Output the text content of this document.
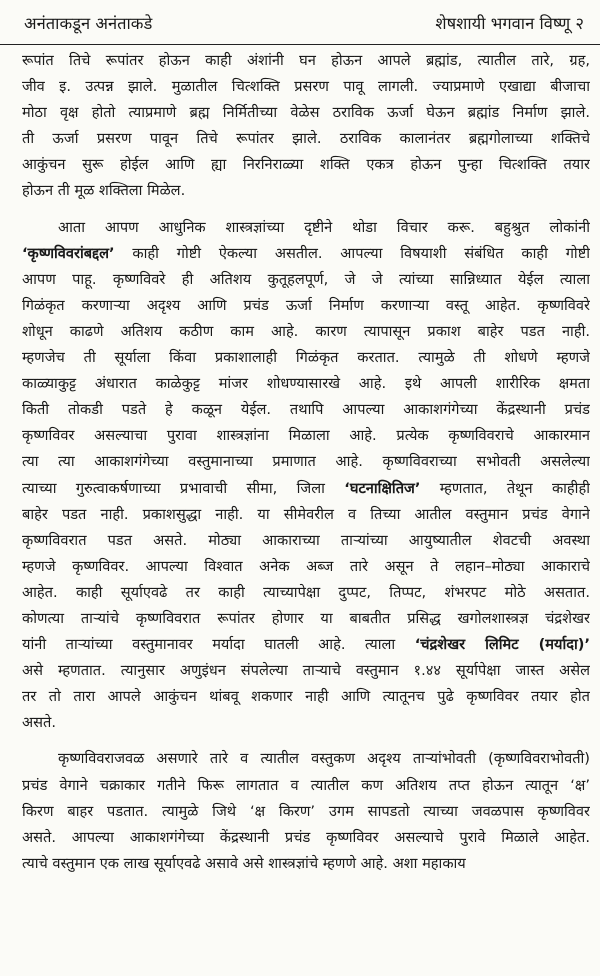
अनंताकडून अनंताकडे	शेषशायी भगवान विष्णू २
रूपांत तिचे रूपांतर होऊन काही अंशांनी घन होऊन आपले ब्रह्मांड, त्यातील तारे, ग्रह,
जीव इ. उत्पन्न झाले. मुळातील चित्शक्ति प्रसरण पावू लागली. ज्याप्रमाणे एखाद्या बीजाचा
मोठा वृक्ष होतो त्याप्रमाणे ब्रह्म निर्मितीच्या वेळेस ठराविक ऊर्जा घेऊन ब्रह्मांड निर्माण झाले.
ती ऊर्जा प्रसरण पावून तिचे रूपांतर झाले. ठराविक कालानंतर ब्रह्मगोलाच्या शक्तिचे
आकुंचन सुरू होईल आणि ह्या निरनिराळ्या शक्ति एकत्र होऊन पुन्हा चित्शक्ति तयार
होऊन ती मूळ शक्तिला मिळेल.
आता आपण आधुनिक शास्त्रज्ञांच्या दृष्टीने थोडा विचार करू. बहुश्रुत लोकांनी
‘कृष्णविवरांबद्दल’ काही गोष्टी ऐकल्या असतील. आपल्या विषयाशी संबंधित काही गोष्टी
आपण पाहू. कृष्णविवरे ही अतिशय कुतूहलपूर्ण, जे जे त्यांच्या सान्निध्यात येईल त्याला
गिळंकृत करणाऱ्या अदृश्य आणि प्रचंड ऊर्जा निर्माण करणाऱ्या वस्तू आहेत. कृष्णविवरे
शोधून काढणे अतिशय कठीण काम आहे. कारण त्यापासून प्रकाश बाहेर पडत नाही.
म्हणजेच ती सूर्याला किंवा प्रकाशालाही गिळंकृत करतात. त्यामुळे ती शोधणे म्हणजे
काळ्याकुट्ट अंधारात काळेकुट्ट मांजर शोधण्यासारखे आहे. इथे आपली शारीरिक क्षमता
किती तोकडी पडते हे कळून येईल. तथापि आपल्या आकाशगंगेच्या केंद्रस्थानी प्रचंड
कृष्णविवर असल्याचा पुरावा शास्त्रज्ञांना मिळाला आहे. प्रत्येक कृष्णविवराचे आकारमान
त्या त्या आकाशगंगेच्या वस्तुमानाच्या प्रमाणात आहे. कृष्णविवराच्या सभोवती असलेल्या
त्याच्या गुरुत्वाकर्षणाच्या प्रभावाची सीमा, जिला ‘घटनाक्षितिज’ म्हणतात, तेथून काहीही
बाहेर पडत नाही. प्रकाशसुद्धा नाही. या सीमेवरील व तिच्या आतील वस्तुमान प्रचंड वेगाने
कृष्णविवरात पडत असते. मोठ्या आकाराच्या ताऱ्यांच्या आयुष्यातील शेवटची अवस्था
म्हणजे कृष्णविवर. आपल्या विश्वात अनेक अब्ज तारे असून ते लहान–मोठ्या आकाराचे
आहेत. काही सूर्याएवढे तर काही त्याच्यापेक्षा दुप्पट, तिप्पट, शंभरपट मोठे असतात.
कोणत्या ताऱ्यांचे कृष्णविवरात रूपांतर होणार या बाबतीत प्रसिद्ध खगोलशास्त्रज्ञ चंद्रशेखर
यांनी ताऱ्यांच्या वस्तुमानावर मर्यादा घातली आहे. त्याला ‘चंद्रशेखर लिमिट (मर्यादा)’
असे म्हणतात. त्यानुसार अणुइंधन संपलेल्या ताऱ्याचे वस्तुमान १.४४ सूर्यापेक्षा जास्त असेल
तर तो तारा आपले आकुंचन थांबवू शकणार नाही आणि त्यातूनच पुढे कृष्णविवर तयार होत
असते.
कृष्णविवराजवळ असणारे तारे व त्यातील वस्तुकण अदृश्य ताऱ्यांभोवती (कृष्णविवराभोवती)
प्रचंड वेगाने चक्राकार गतीने फिरू लागतात व त्यातील कण अतिशय तप्त होऊन त्यातून ‘क्ष’
किरण बाहर पडतात. त्यामुळे जिथे ‘क्ष किरण’ उगम सापडतो त्याच्या जवळपास कृष्णविवर
असते. आपल्या आकाशगंगेच्या केंद्रस्थानी प्रचंड कृष्णविवर असल्याचे पुरावे मिळाले आहेत.
त्याचे वस्तुमान एक लाख सूर्याएवढे असावे असे शास्त्रज्ञांचे म्हणणे आहे. अशा महाकाय
